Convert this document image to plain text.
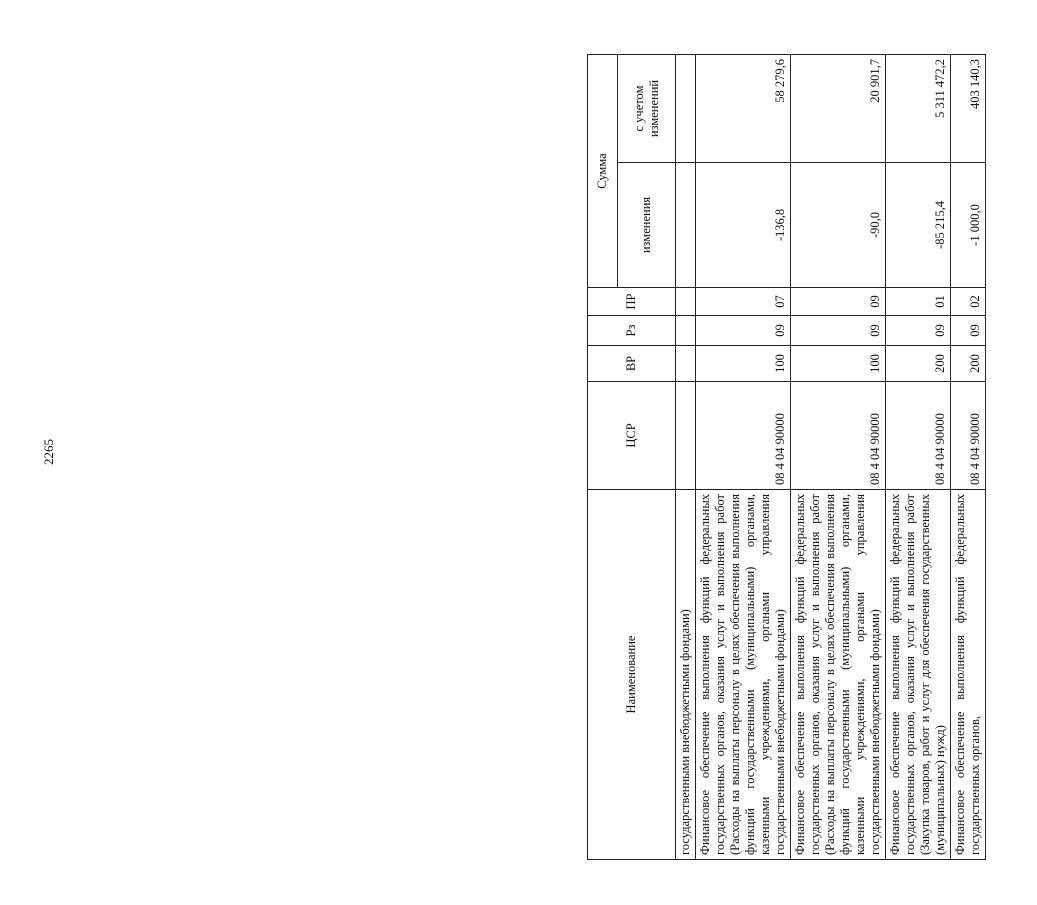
2265
Наименование	ЦСР	ВР	Рз	ПР	Сумма	
					изменения	с учетом изменений
государственными внебюджетными фондами)						
Финансовое обеспечение выполнения функций федеральных государственных органов, оказания услуг и выполнения работ (Расходы на выплаты персоналу в целях обеспечения выполнения функций государственными (муниципальными) органами, казенными учреждениями, органами управления государственными внебюджетными фондами)	08 4 04 90000	100	09	07	-136,8	58 279,6
Финансовое обеспечение выполнения функций федеральных государственных органов, оказания услуг и выполнения работ (Расходы на выплаты персоналу в целях обеспечения выполнения функций государственными (муниципальными) органами, казенными учреждениями, органами управления государственными внебюджетными фондами)	08 4 04 90000	100	09	09	-90,0	20 901,7
Финансовое обеспечение выполнения функций федеральных государственных органов, оказания услуг и выполнения работ (Закупка товаров, работ и услуг для обеспечения государственных (муниципальных) нужд)	08 4 04 90000	200	09	01	-85 215,4	5 311 472,2
Финансовое обеспечение выполнения функций федеральных государственных органов,	08 4 04 90000	200	09	02	-1 000,0	403 140,3
